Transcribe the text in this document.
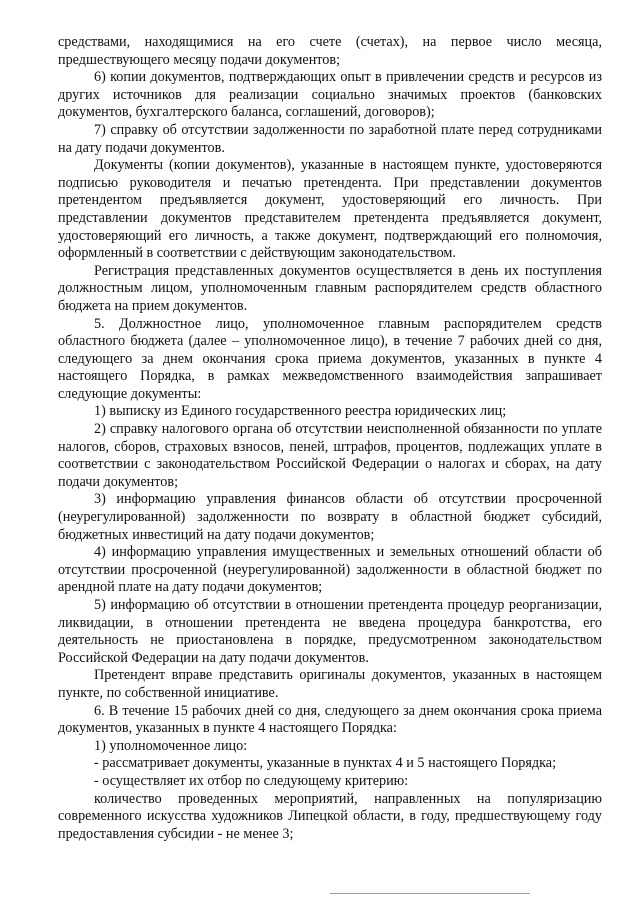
средствами, находящимися на его счете (счетах), на первое число месяца, предшествующего месяцу подачи документов;

6) копии документов, подтверждающих опыт в привлечении средств и ресурсов из других источников для реализации социально значимых проектов (банковских документов, бухгалтерского баланса, соглашений, договоров);

7) справку об отсутствии задолженности по заработной плате перед сотрудниками на дату подачи документов.

Документы (копии документов), указанные в настоящем пункте, удостоверяются подписью руководителя и печатью претендента. При представлении документов претендентом предъявляется документ, удостоверяющий его личность. При представлении документов представителем претендента предъявляется документ, удостоверяющий его личность, а также документ, подтверждающий его полномочия, оформленный в соответствии с действующим законодательством.

Регистрация представленных документов осуществляется в день их поступления должностным лицом, уполномоченным главным распорядителем средств областного бюджета на прием документов.

5. Должностное лицо, уполномоченное главным распорядителем средств областного бюджета (далее – уполномоченное лицо), в течение 7 рабочих дней со дня, следующего за днем окончания срока приема документов, указанных в пункте 4 настоящего Порядка, в рамках межведомственного взаимодействия запрашивает следующие документы:

1) выписку из Единого государственного реестра юридических лиц;

2) справку налогового органа об отсутствии неисполненной обязанности по уплате налогов, сборов, страховых взносов, пеней, штрафов, процентов, подлежащих уплате в соответствии с законодательством Российской Федерации о налогах и сборах, на дату подачи документов;

3) информацию управления финансов области об отсутствии просроченной (неурегулированной) задолженности по возврату в областной бюджет субсидий, бюджетных инвестиций на дату подачи документов;

4) информацию управления имущественных и земельных отношений области об отсутствии просроченной (неурегулированной) задолженности в областной бюджет по арендной плате на дату подачи документов;

5) информацию об отсутствии в отношении претендента процедур реорганизации, ликвидации, в отношении претендента не введена процедура банкротства, его деятельность не приостановлена в порядке, предусмотренном законодательством Российской Федерации на дату подачи документов.

Претендент вправе представить оригиналы документов, указанных в настоящем пункте, по собственной инициативе.

6. В течение 15 рабочих дней со дня, следующего за днем окончания срока приема документов, указанных в пункте 4 настоящего Порядка:

1) уполномоченное лицо:

- рассматривает документы, указанные в пунктах 4 и 5 настоящего Порядка;

- осуществляет их отбор по следующему критерию:

количество проведенных мероприятий, направленных на популяризацию современного искусства художников Липецкой области, в году, предшествующему году предоставления субсидии - не менее 3;
